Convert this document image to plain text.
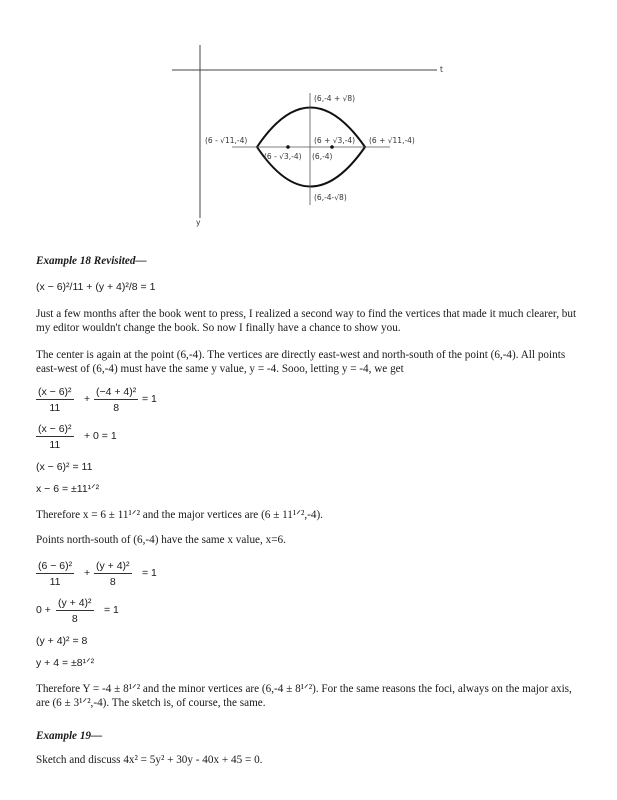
t
y
(6,-4 + √8)
(6,-4-√8)
(6 - √11,-4)	(6 + √11,-4)
(6 + √3,-4)
(6 - √3,-4) (6,-4)
Example 18 Revisited—
(x − 6)²/11 + (y + 4)²/8 = 1
Just a few months after the book went to press, I realized a second way to find the vertices that made it much clearer, but my editor wouldn't change the book. So now I finally have a chance to show you.
The center is again at the point (6,-4). The vertices are directly east-west and north-south of the point (6,-4). All points east-west of (6,-4) must have the same y value, y = -4. Sooo, letting y = -4, we get
$\frac{\text{(x − 6)²}}{11} + \frac{\text{(−4 + 4)²}}{8} = 1$
$\frac{\text{(x − 6)²}}{11} + 0 = 1$
(x − 6)² = 11
x − 6 = ±11¹ᐟ²
Therefore x = 6 ± 11¹ᐟ² and the major vertices are (6 ± 11¹ᐟ²,-4).
Points north-south of (6,-4) have the same x value, x=6.
$\frac{\text{(6 − 6)²}}{11} + \frac{\text{(y + 4)²}}{8} = 1$
$0 + \frac{\text{(y + 4)²}}{8} = 1$
(y + 4)² = 8
y + 4 = ±8¹ᐟ²
Therefore Y = -4 ± 8¹ᐟ² and the minor vertices are (6,-4 ± 8¹ᐟ²). For the same reasons the foci, always on the major axis, are (6 ± 3¹ᐟ²,-4). The sketch is, of course, the same.
Example 19—
Sketch and discuss 4x² = 5y² + 30y - 40x + 45 = 0.
